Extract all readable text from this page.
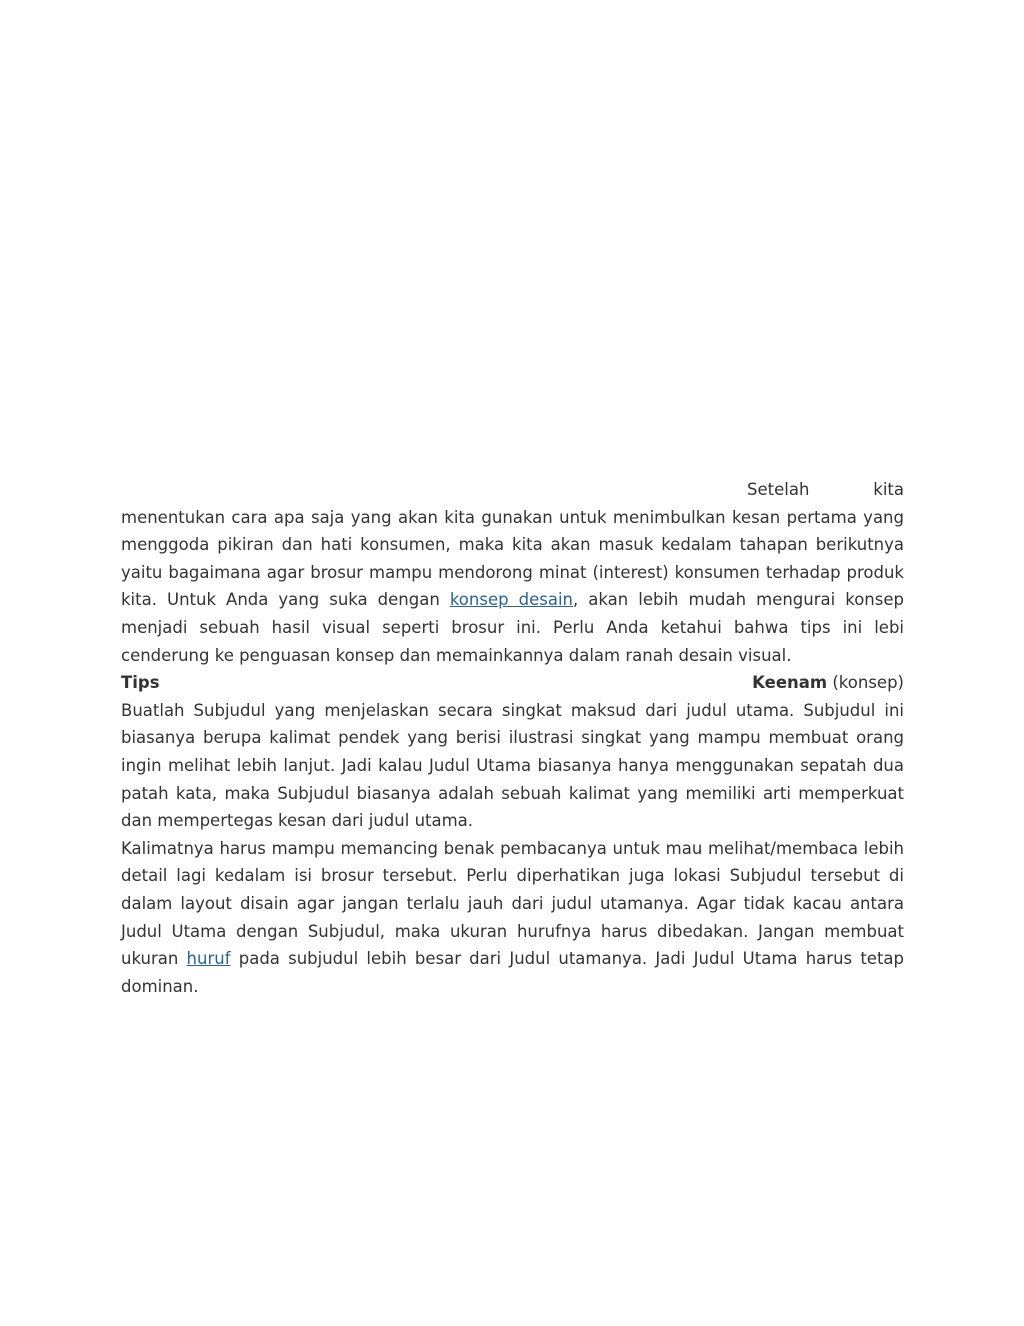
Setelah	kita

menentukan cara apa saja yang akan kita gunakan untuk menimbulkan kesan pertama yang menggoda pikiran dan hati konsumen, maka kita akan masuk kedalam tahapan berikutnya yaitu bagaimana agar brosur mampu mendorong minat (interest) konsumen terhadap produk kita. Untuk Anda yang suka dengan konsep desain, akan lebih mudah mengurai konsep menjadi sebuah hasil visual seperti brosur ini. Perlu Anda ketahui bahwa tips ini lebi cenderung ke penguasan konsep dan memainkannya dalam ranah desain visual.

Tips	Keenam (konsep)

Buatlah Subjudul yang menjelaskan secara singkat maksud dari judul utama. Subjudul ini biasanya berupa kalimat pendek yang berisi ilustrasi singkat yang mampu membuat orang ingin melihat lebih lanjut. Jadi kalau Judul Utama biasanya hanya menggunakan sepatah dua patah kata, maka Subjudul biasanya adalah sebuah kalimat yang memiliki arti memperkuat dan mempertegas kesan dari judul utama.

Kalimatnya harus mampu memancing benak pembacanya untuk mau melihat/membaca lebih detail lagi kedalam isi brosur tersebut. Perlu diperhatikan juga lokasi Subjudul tersebut di dalam layout disain agar jangan terlalu jauh dari judul utamanya. Agar tidak kacau antara Judul Utama dengan Subjudul, maka ukuran hurufnya harus dibedakan. Jangan membuat ukuran huruf pada subjudul lebih besar dari Judul utamanya. Jadi Judul Utama harus tetap dominan.
